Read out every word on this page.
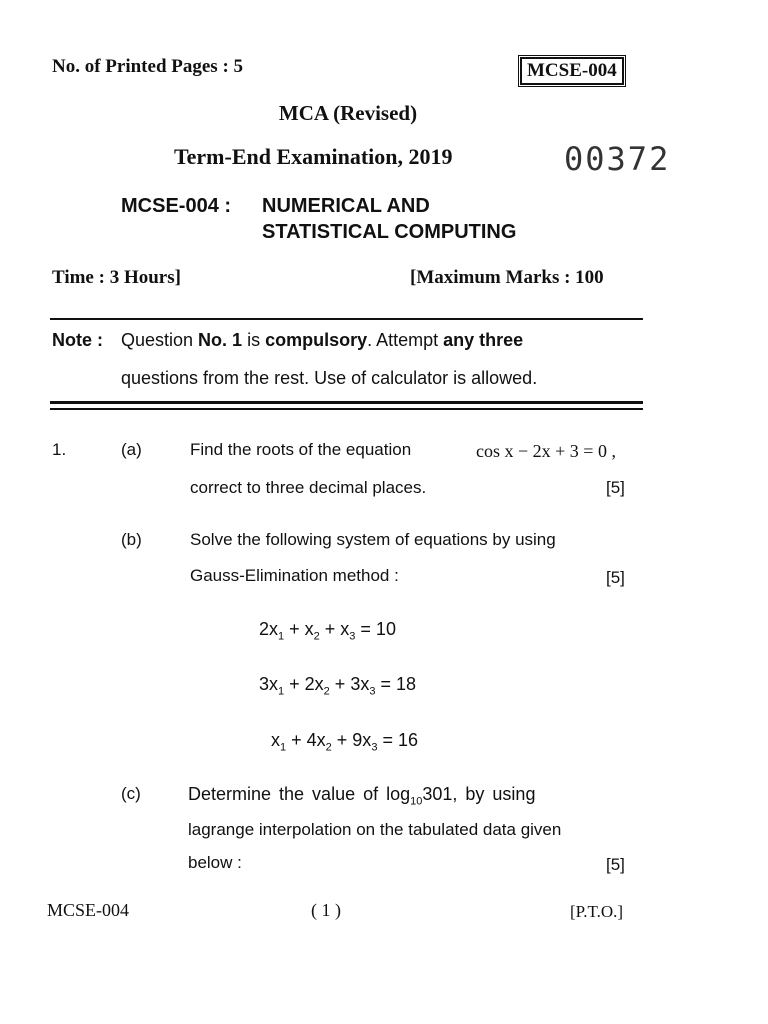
No. of Printed Pages : 5	MCSE-004
MCA (Revised)
Term-End Examination, 2019	00372
MCSE-004 : NUMERICAL AND
STATISTICAL COMPUTING
Time : 3 Hours]	[Maximum Marks : 100
Note : Question No. 1 is compulsory. Attempt any three
questions from the rest. Use of calculator is allowed.
1.	(a)	Find the roots of the equation	cos x − 2x + 3 = 0 ,
correct to three decimal places.	[5]
(b)	Solve the following system of equations by using
Gauss-Elimination method :	[5]
$2x_1 + x_2 + x_3 = 10$
$3x_1 + 2x_2 + 3x_3 = 18$
$x_1 + 4x_2 + 9x_3 = 16$
(c)	Determine the value of $\log_{10}301$, by using
lagrange interpolation on the tabulated data given
below :	[5]
MCSE-004	( 1 )	[P.T.O.]
